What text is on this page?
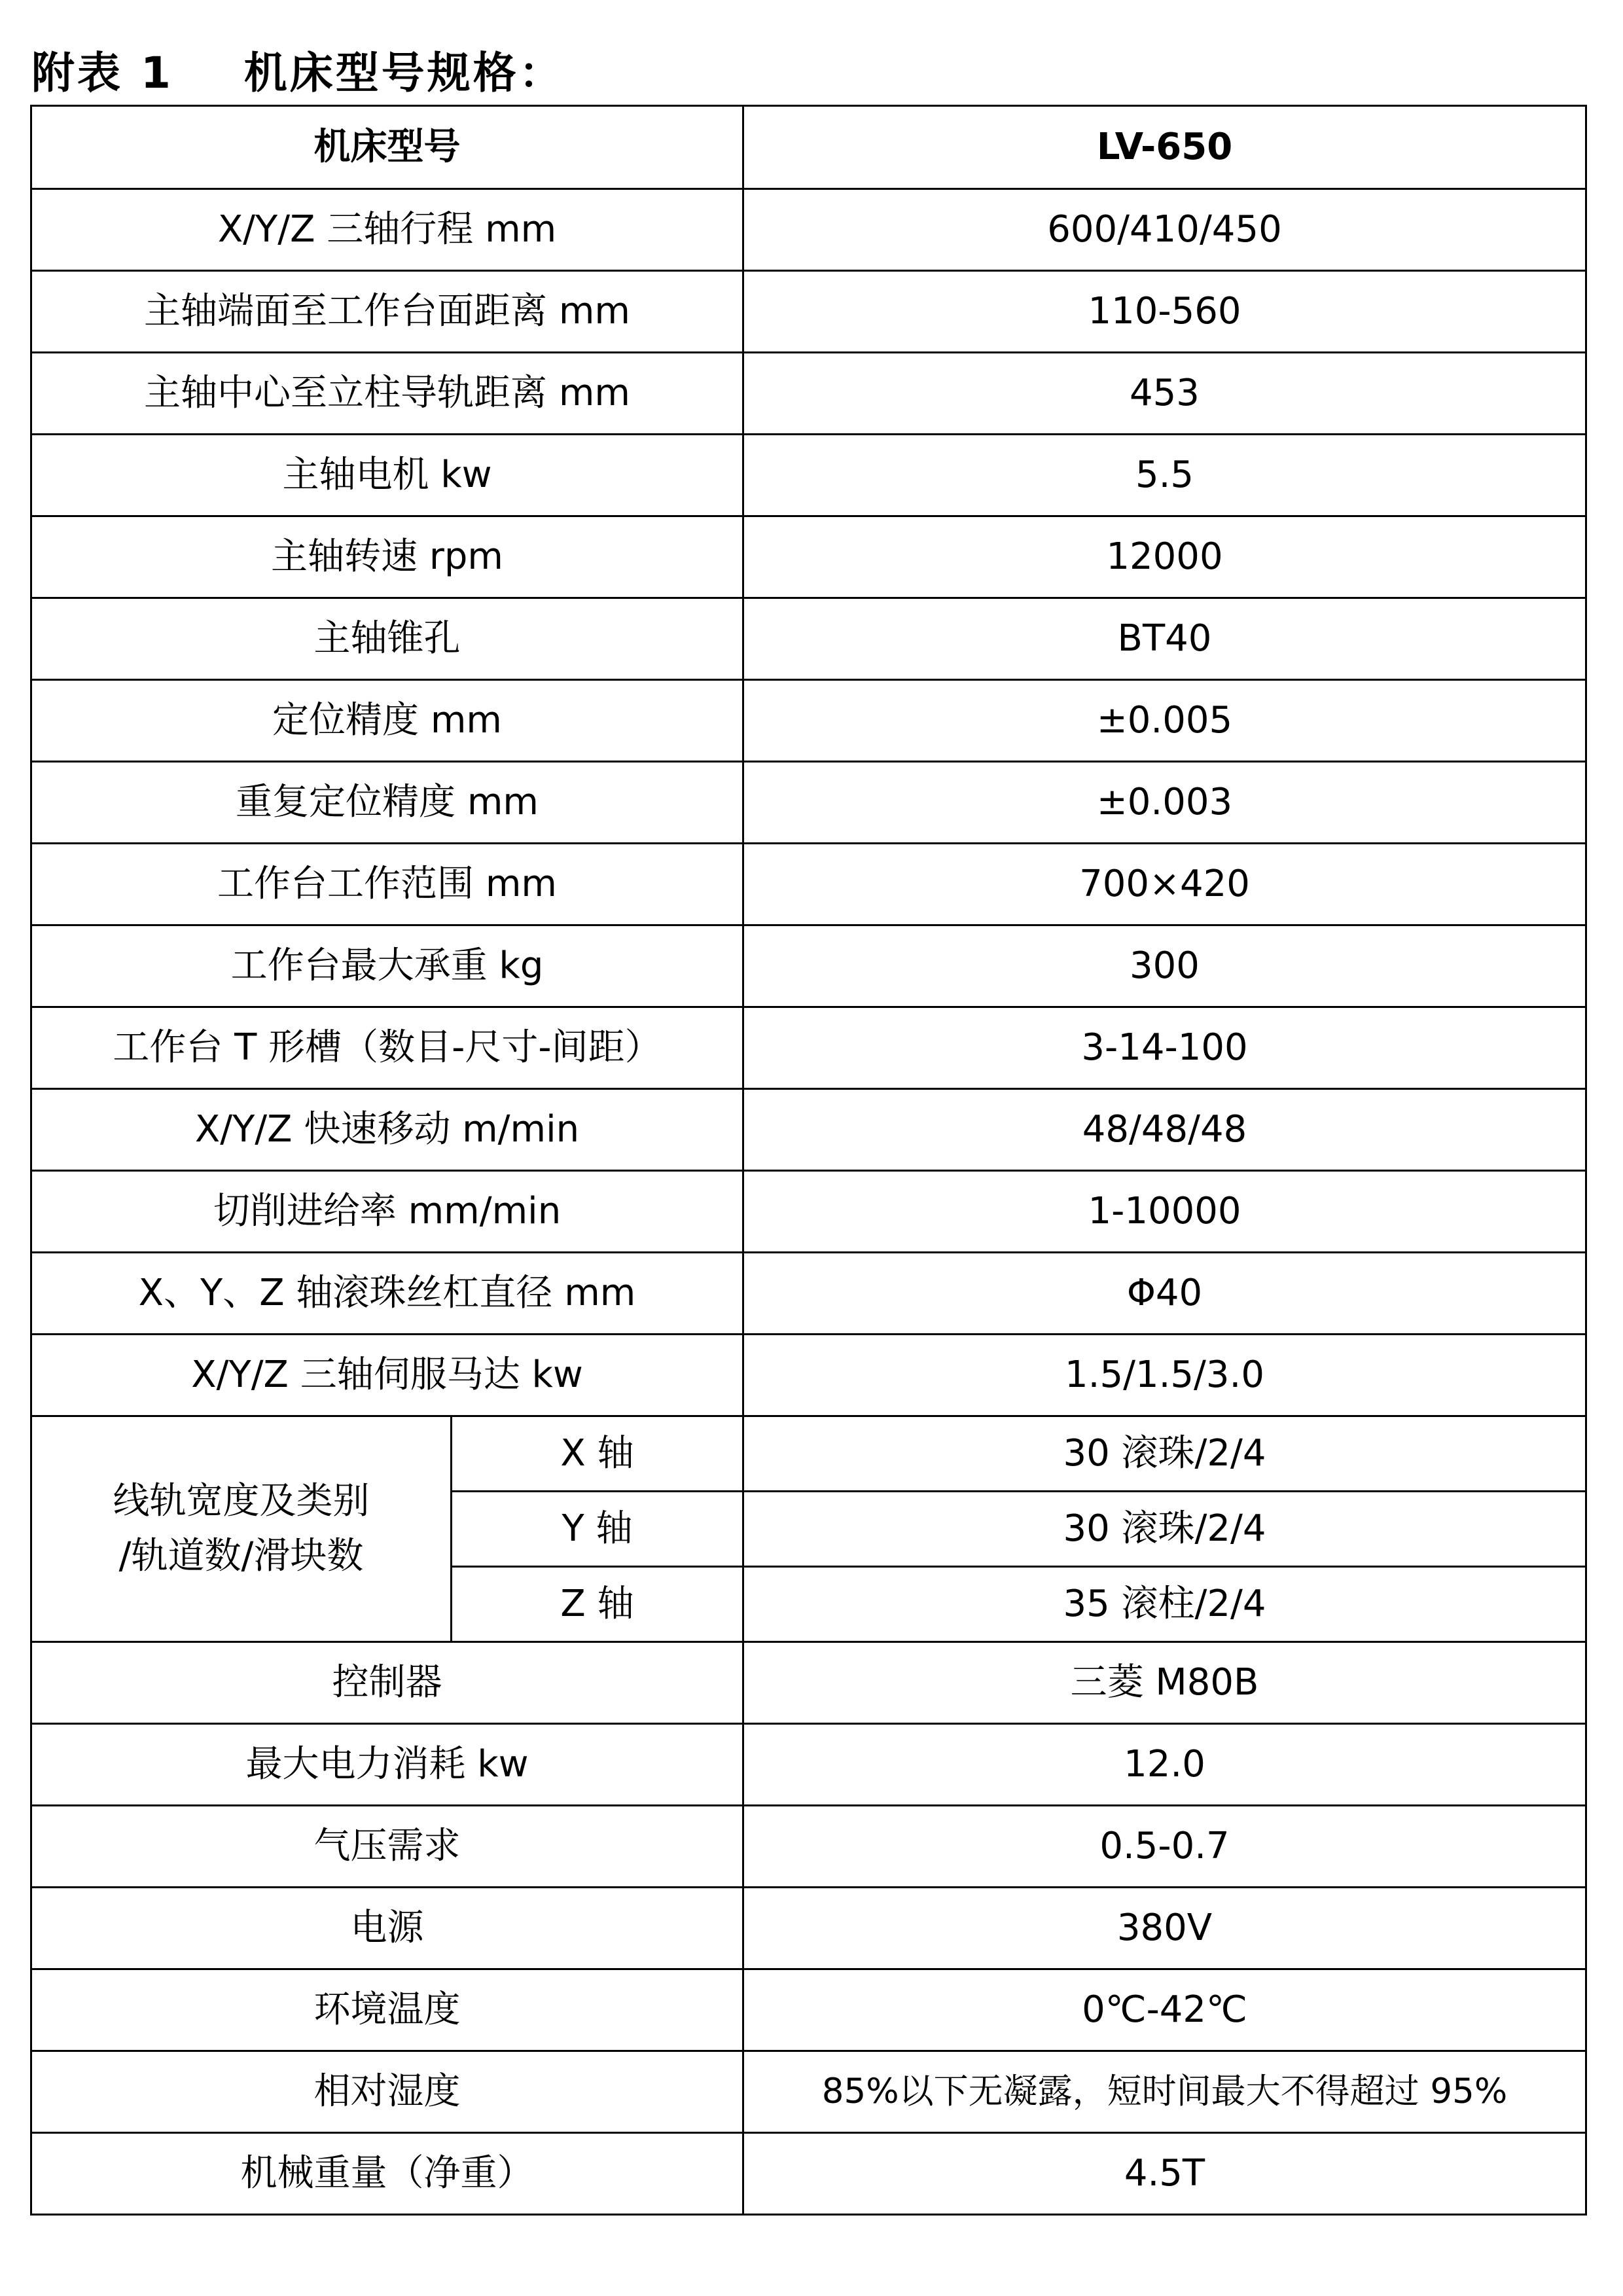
附表 1    机床型号规格：
机床型号		LV-650
X/Y/Z 三轴行程 mm		600/410/450
主轴端面至工作台面距离 mm		110-560
主轴中心至立柱导轨距离 mm		453
主轴电机 kw		5.5
主轴转速 rpm		12000
主轴锥孔		BT40
定位精度 mm		±0.005
重复定位精度 mm		±0.003
工作台工作范围 mm		700×420
工作台最大承重 kg		300
工作台 T 形槽（数目-尺寸-间距）		3-14-100
X/Y/Z 快速移动 m/min		48/48/48
切削进给率 mm/min		1-10000
X、Y、Z 轴滚珠丝杠直径 mm		Φ40
X/Y/Z 三轴伺服马达 kw		1.5/1.5/3.0
线轨宽度及类别
/轨道数/滑块数	X 轴	30 滚珠/2/4
	Y 轴	30 滚珠/2/4
	Z 轴	35 滚柱/2/4
控制器		三菱 M80B
最大电力消耗 kw		12.0
气压需求		0.5-0.7
电源		380V
环境温度		0℃-42℃
相对湿度		85%以下无凝露，短时间最大不得超过 95%
机械重量（净重）		4.5T
